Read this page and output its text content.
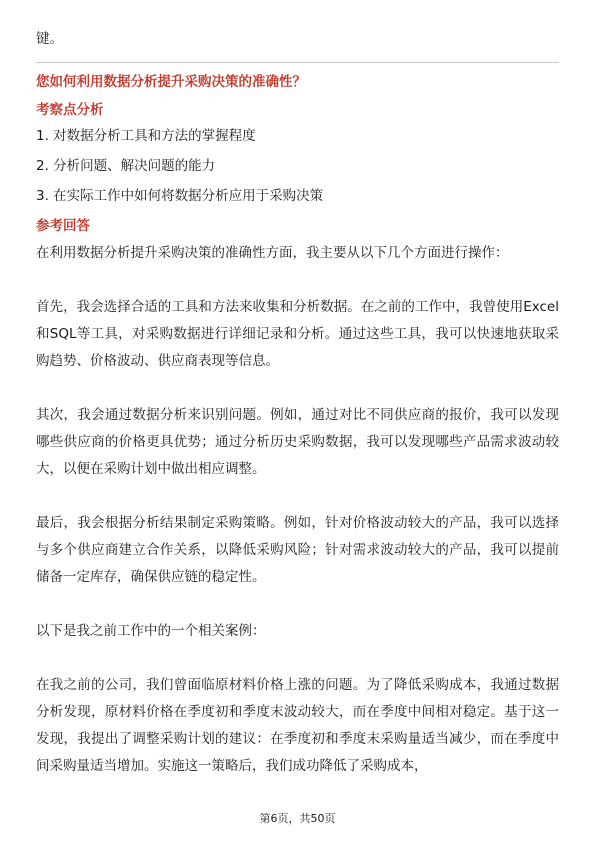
键。
您如何利用数据分析提升采购决策的准确性？
考察点分析
1. 对数据分析工具和方法的掌握程度
2. 分析问题、解决问题的能力
3. 在实际工作中如何将数据分析应用于采购决策
参考回答

在利用数据分析提升采购决策的准确性方面，我主要从以下几个方面进行操作：

首先，我会选择合适的工具和方法来收集和分析数据。在之前的工作中，我曾使用Excel和SQL等工具，对采购数据进行详细记录和分析。通过这些工具，我可以快速地获取采购趋势、价格波动、供应商表现等信息。

其次，我会通过数据分析来识别问题。例如，通过对比不同供应商的报价，我可以发现哪些供应商的价格更具优势；通过分析历史采购数据，我可以发现哪些产品需求波动较大，以便在采购计划中做出相应调整。

最后，我会根据分析结果制定采购策略。例如，针对价格波动较大的产品，我可以选择与多个供应商建立合作关系，以降低采购风险；针对需求波动较大的产品，我可以提前储备一定库存，确保供应链的稳定性。

以下是我之前工作中的一个相关案例：

在我之前的公司，我们曾面临原材料价格上涨的问题。为了降低采购成本，我通过数据分析发现，原材料价格在季度初和季度末波动较大，而在季度中间相对稳定。基于这一发现，我提出了调整采购计划的建议：在季度初和季度末采购量适当减少，而在季度中间采购量适当增加。实施这一策略后，我们成功降低了采购成本，

第6页，共50页
